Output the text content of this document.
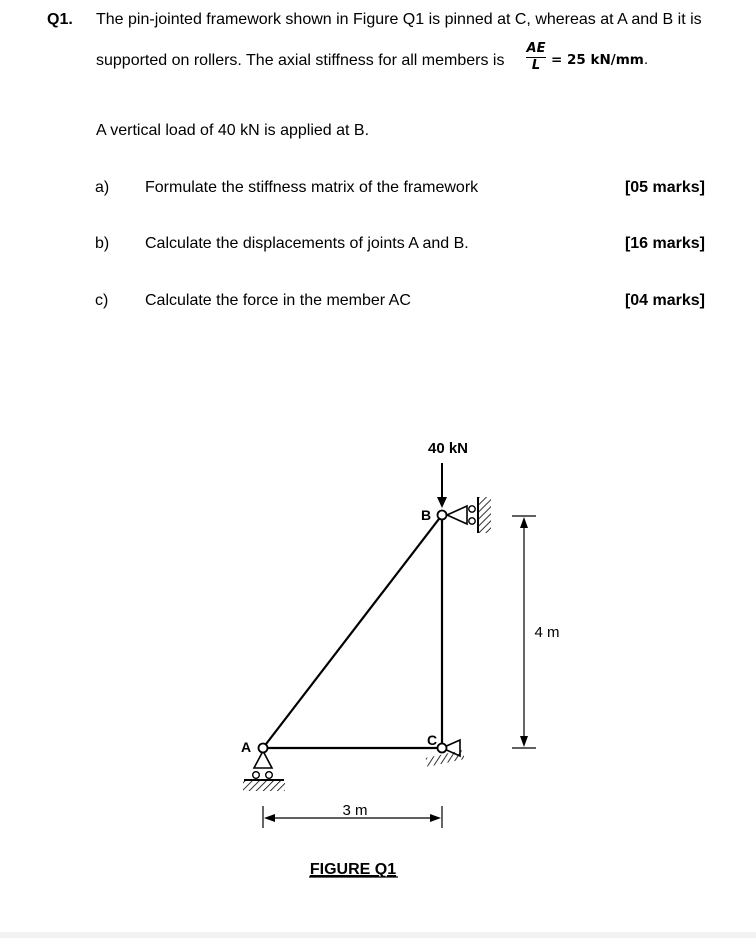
Q1. The pin-jointed framework shown in Figure Q1 is pinned at C, whereas at A and B it is
supported on rollers. The axial stiffness for all members is
AE
L = 25 kN/mm.
A vertical load of 40 kN is applied at B.
a) Formulate the stiffness matrix of the framework	[05 marks]
b) Calculate the displacements of joints A and B.	[16 marks]
c) Calculate the force in the member AC	[04 marks]
40 kN
B
C
A
4 m
3 m
FIGURE Q1
